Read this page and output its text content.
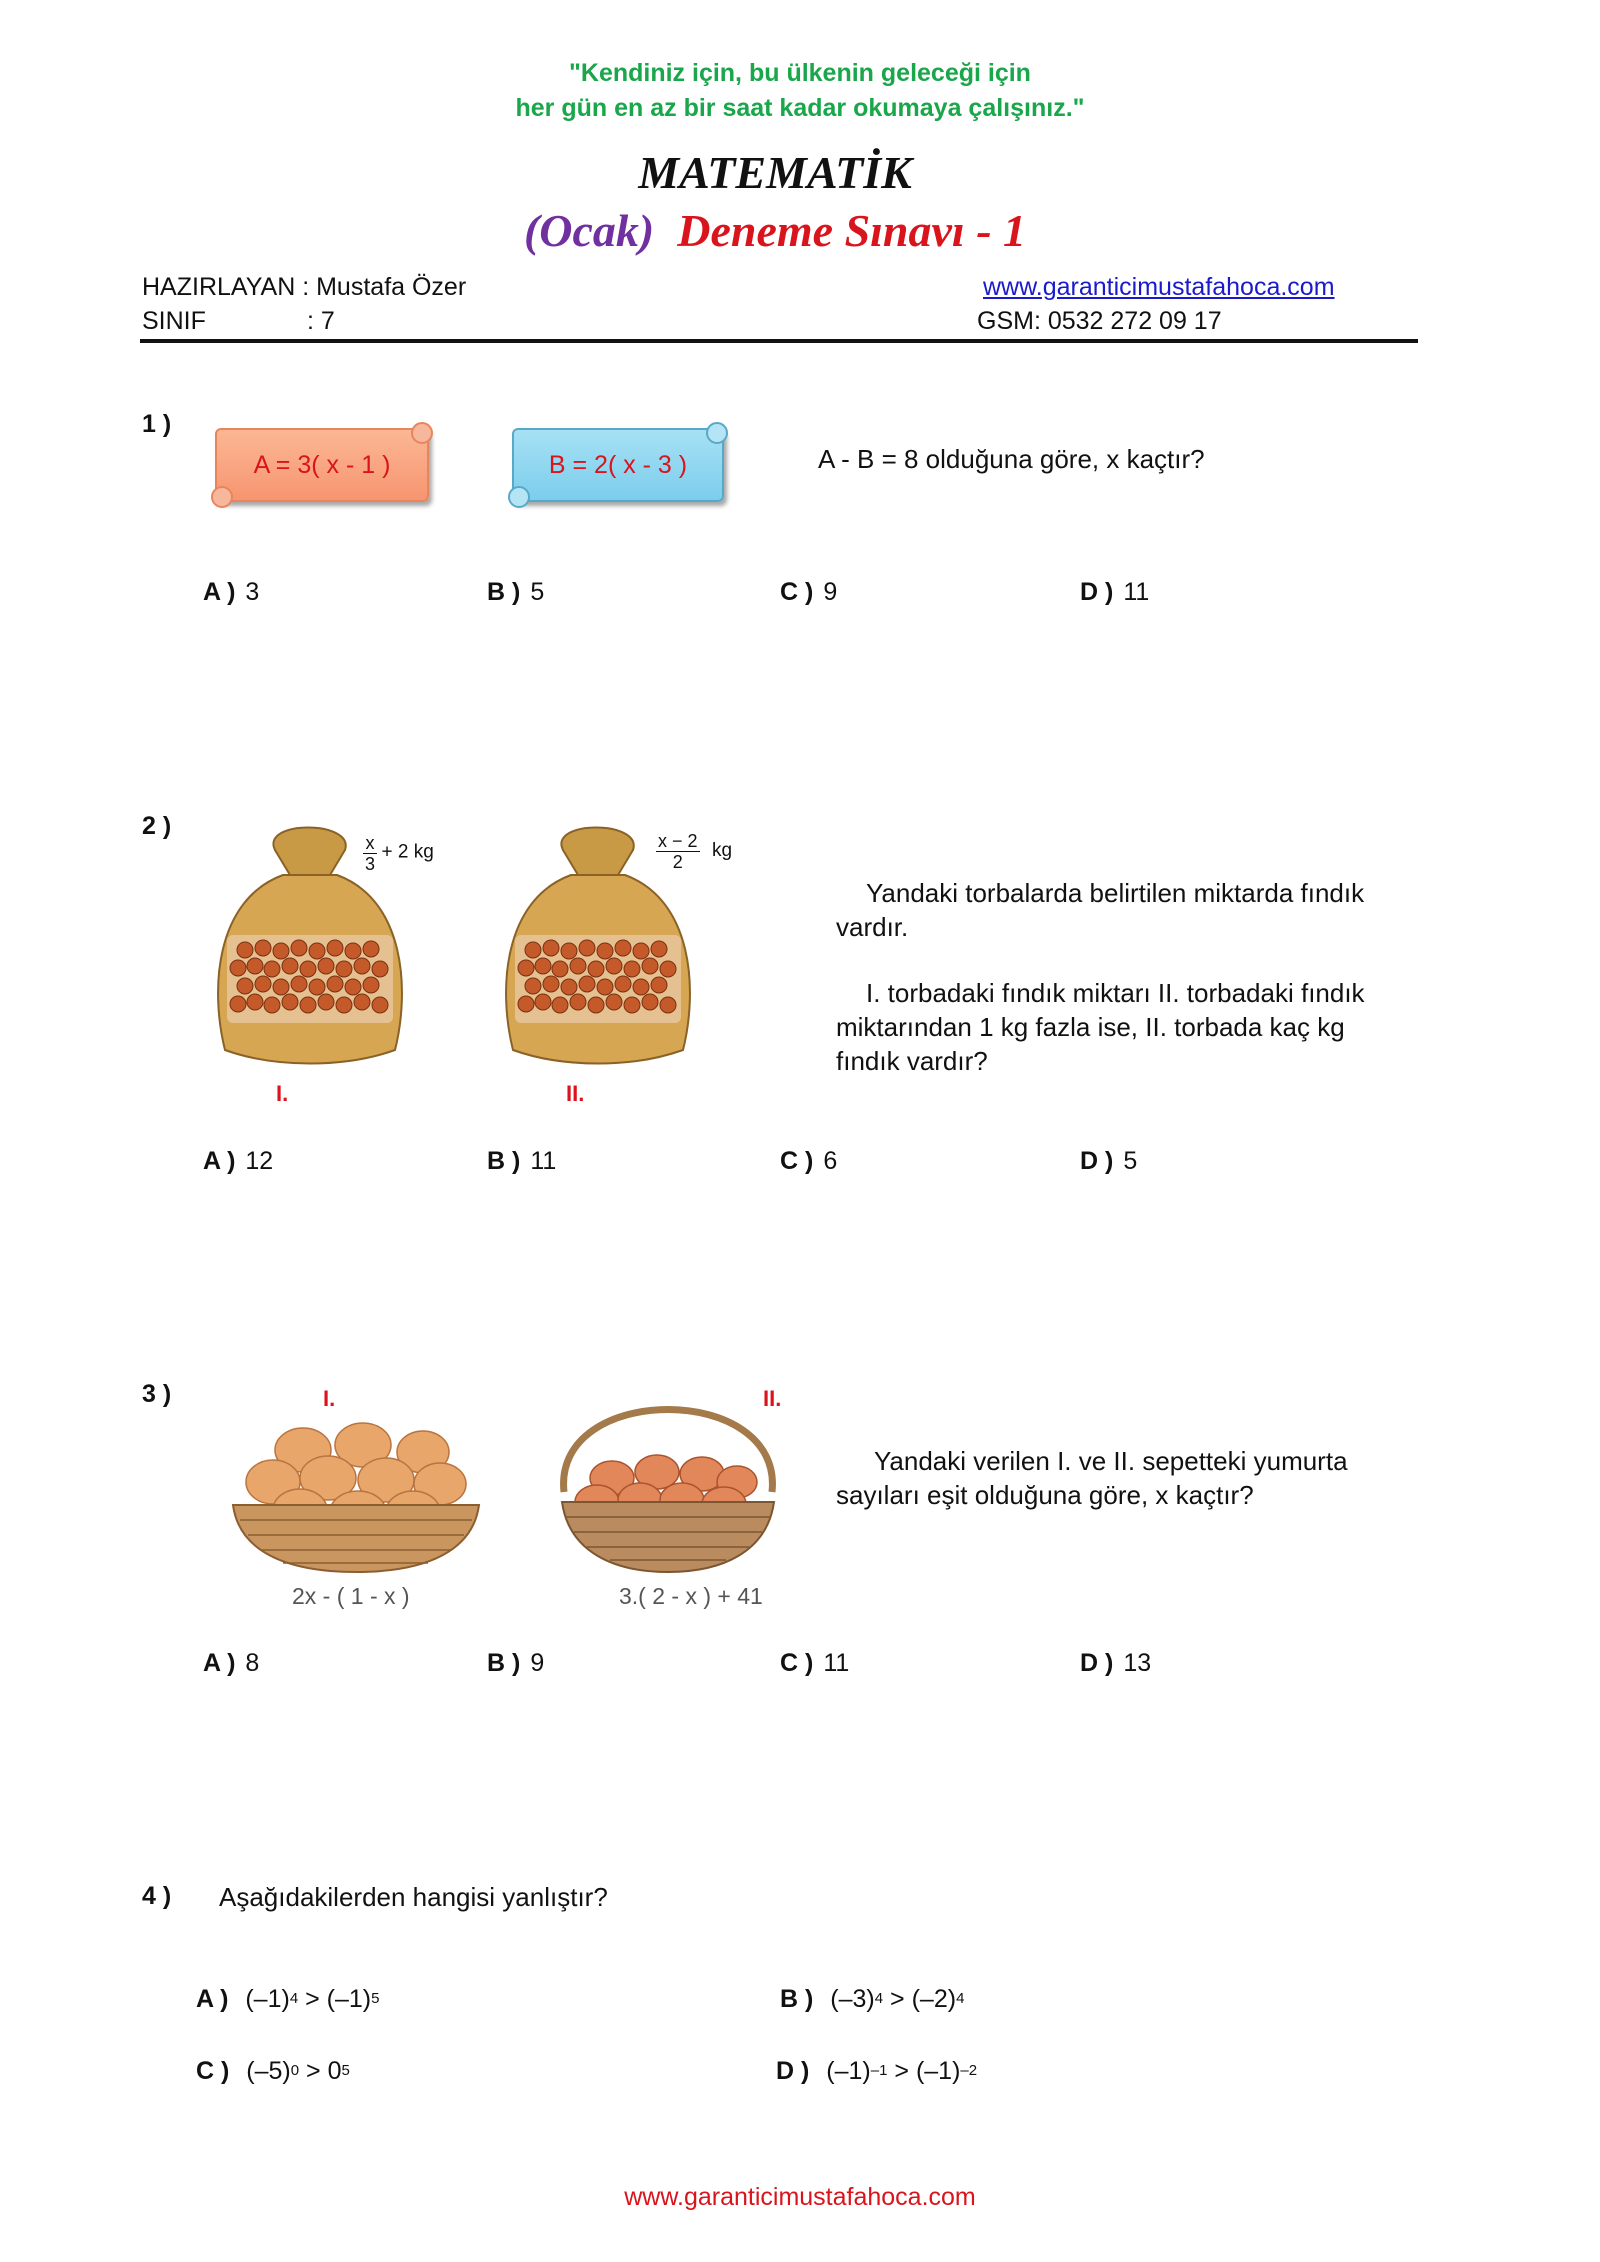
"Kendiniz için, bu ülkenin geleceği için
her gün en az bir saat kadar okumaya çalışınız."
MATEMATİK
(Ocak) Deneme Sınavı - 1
HAZIRLAYAN : Mustafa Özer
SINIF	: 7
www.garanticimustafahoca.com
GSM: 0532 272 09 17
1 )
A = 3( x - 1 )	B = 2( x - 3 )	A - B = 8 olduğuna göre, x kaçtır?
A ) 3	B ) 5	C ) 9	D ) 11
2 )
$\frac{x}{3} + 2$ kg
I.
$\frac{x - 2}{2}$ kg
II.
Yandaki torbalarda belirtilen miktarda fındık vardır.
I. torbadaki fındık miktarı II. torbadaki fındık miktarından 1 kg fazla ise, II. torbada kaç kg fındık vardır?
A ) 12	B ) 11	C ) 6	D ) 5
3 )	I.	II.
2x - ( 1 - x )	3.( 2 - x ) + 41
Yandaki verilen I. ve II. sepetteki yumurta sayıları eşit olduğuna göre, x kaçtır?
A ) 8	B ) 9	C ) 11	D ) 13
4 ) Aşağıdakilerden hangisi yanlıştır?
A ) $(-1)^4 > (-1)^5$	B ) $(-3)^4 > (-2)^4$
C ) $(-5)^0 > 0^5$	D ) $(-1)^{-1} > (-1)^{-2}$
www.garanticimustafahoca.com
